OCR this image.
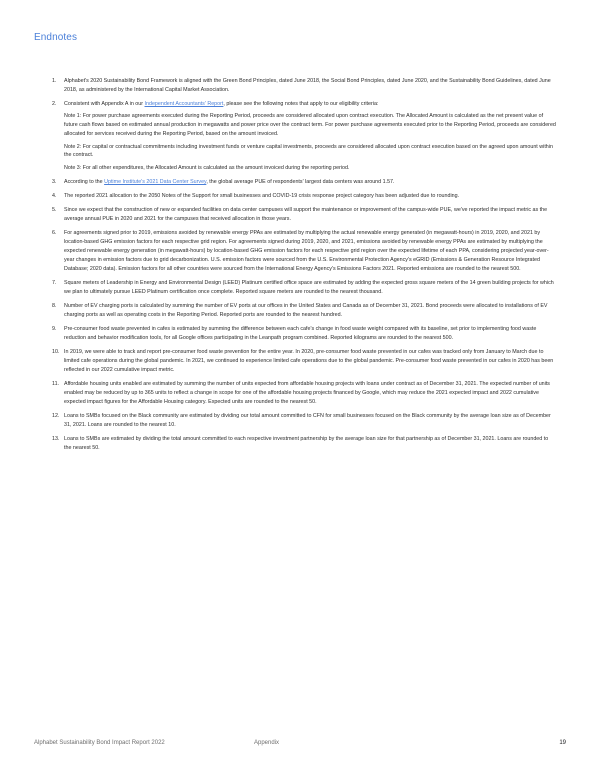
Endnotes
1. Alphabet's 2020 Sustainability Bond Framework is aligned with the Green Bond Principles, dated June 2018, the Social Bond Principles, dated June 2020, and the Sustainability Bond Guidelines, dated June 2018, as administered by the International Capital Market Association.
2. Consistent with Appendix A in our Independent Accountants' Report, please see the following notes that apply to our eligibility criteria:
Note 1: For power purchase agreements executed during the Reporting Period, proceeds are considered allocated upon contract execution. The Allocated Amount is calculated as the net present value of future cash flows based on estimated annual production in megawatts and power price over the contract term. For power purchase agreements executed prior to the Reporting Period, proceeds are considered allocated for services received during the Reporting Period, based on the amount invoiced.
Note 2: For capital or contractual commitments including investment funds or venture capital investments, proceeds are considered allocated upon contract execution based on the agreed upon amount within the contract.
Note 3: For all other expenditures, the Allocated Amount is calculated as the amount invoiced during the reporting period.
3. According to the Uptime Institute's 2021 Data Center Survey, the global average PUE of respondents' largest data centers was around 1.57.
4. The reported 2021 allocation to the 2050 Notes of the Support for small businesses and COVID-19 crisis response project category has been adjusted due to rounding.
5. Since we expect that the construction of new or expanded facilities on data center campuses will support the maintenance or improvement of the campus-wide PUE, we've reported the impact metric as the average annual PUE in 2020 and 2021 for the campuses that received allocation in those years.
6. For agreements signed prior to 2019, emissions avoided by renewable energy PPAs are estimated by multiplying the actual renewable energy generated (in megawatt-hours) in 2019, 2020, and 2021 by location-based GHG emission factors for each respective grid region. For agreements signed during 2019, 2020, and 2021, emissions avoided by renewable energy PPAs are estimated by multiplying the expected renewable energy generation (in megawatt-hours) by location-based GHG emission factors for each respective grid region over the expected lifetime of each PPA, considering projected year-over-year changes in emission factors due to grid decarbonization. U.S. emission factors were sourced from the U.S. Environmental Protection Agency's eGRID (Emissions & Generation Resource Integrated Database; 2020 data). Emission factors for all other countries were sourced from the International Energy Agency's Emissions Factors 2021. Reported emissions are rounded to the nearest 500.
7. Square meters of Leadership in Energy and Environmental Design (LEED) Platinum certified office space are estimated by adding the expected gross square meters of the 14 green building projects for which we plan to ultimately pursue LEED Platinum certification once complete. Reported square meters are rounded to the nearest thousand.
8. Number of EV charging ports is calculated by summing the number of EV ports at our offices in the United States and Canada as of December 31, 2021. Bond proceeds were allocated to installations of EV charging ports as well as operating costs in the Reporting Period. Reported ports are rounded to the nearest hundred.
9. Pre-consumer food waste prevented in cafes is estimated by summing the difference between each cafe's change in food waste weight compared with its baseline, set prior to implementing food waste reduction and behavior modification tools, for all Google offices participating in the Leanpath program combined. Reported kilograms are rounded to the nearest 500.
10. In 2019, we were able to track and report pre-consumer food waste prevention for the entire year. In 2020, pre-consumer food waste prevented in our cafes was tracked only from January to March due to limited cafe operations during the global pandemic. In 2021, we continued to experience limited cafe operations due to the global pandemic. Pre-consumer food waste prevented in our cafes in 2020 has been reflected in our 2022 cumulative impact metric.
11. Affordable housing units enabled are estimated by summing the number of units expected from affordable housing projects with loans under contract as of December 31, 2021. The expected number of units enabled may be reduced by up to 365 units to reflect a change in scope for one of the affordable housing projects financed by Google, which may reduce the 2021 expected impact and 2022 cumulative expected impact figures for the Affordable Housing category. Expected units are rounded to the nearest 50.
12. Loans to SMBs focused on the Black community are estimated by dividing our total amount committed to CFN for small businesses focused on the Black community by the average loan size as of December 31, 2021. Loans are rounded to the nearest 10.
13. Loans to SMBs are estimated by dividing the total amount committed to each respective investment partnership by the average loan size for that partnership as of December 31, 2021. Loans are rounded to the nearest 50.
Alphabet Sustainability Bond Impact Report 2022	Appendix	19
